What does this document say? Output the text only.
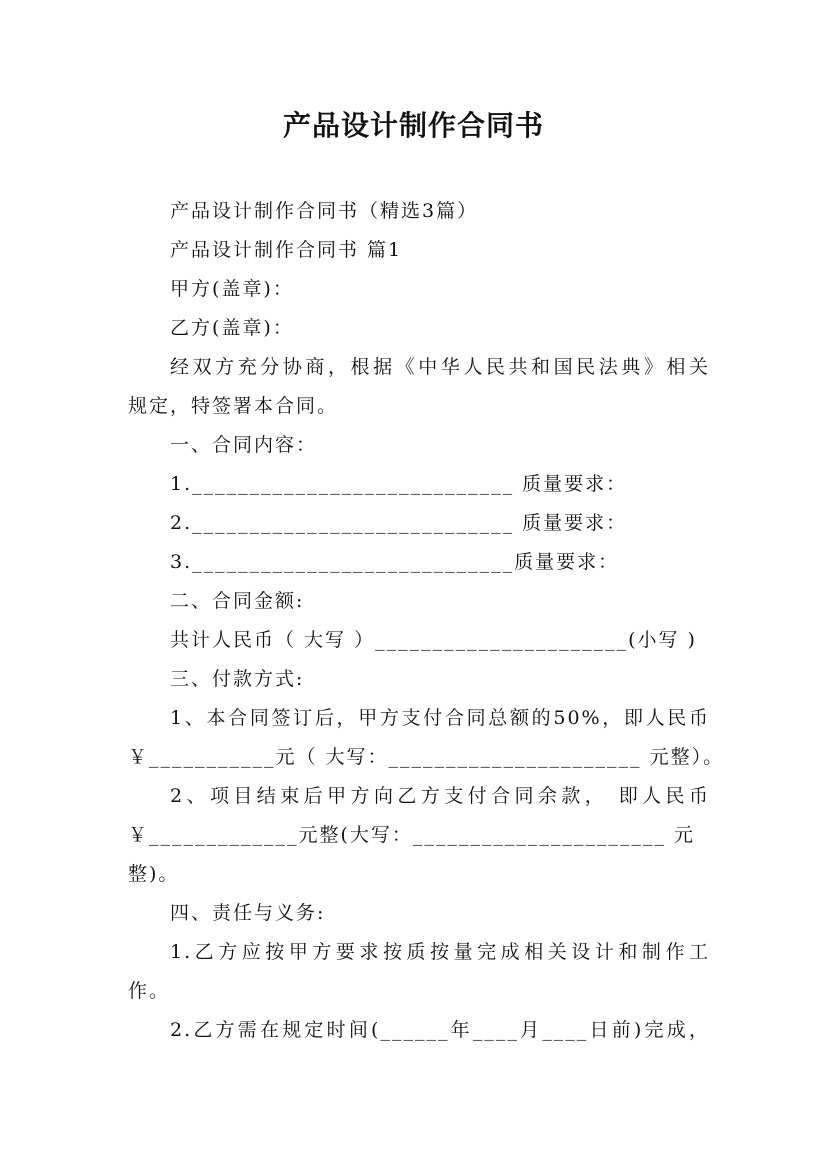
产品设计制作合同书
产品设计制作合同书（精选3篇）
产品设计制作合同书 篇1
甲方(盖章)：
乙方(盖章)：
经双方充分协商，根据《中华人民共和国民法典》相关
规定，特签署本合同。
一、合同内容：
1.____________________________ 质量要求：
2.____________________________ 质量要求：
3.____________________________质量要求：
二、合同金额:
共计人民币（ 大写 ）______________________(小写 )
三、付款方式:
1、本合同签订后，甲方支付合同总额的50%，即人民币
￥___________元（ 大写：______________________ 元整）。
2、项目结束后甲方向乙方支付合同余款， 即人民币
￥_____________元整(大写：______________________ 元
整)。
四、责任与义务:
1.乙方应按甲方要求按质按量完成相关设计和制作工
作。
2.乙方需在规定时间(______年____月____日前)完成，
